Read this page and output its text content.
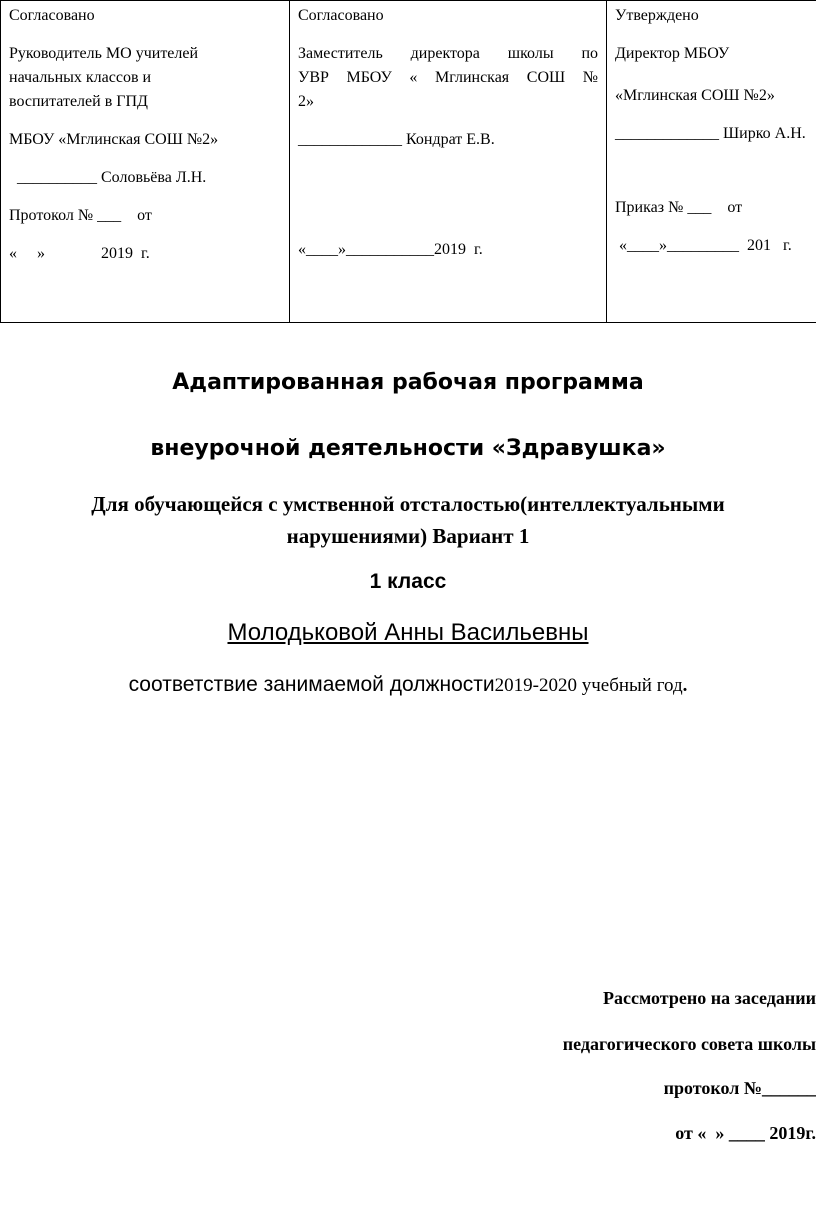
Согласовано
Руководитель МО учителей
начальных классов и
воспитателей в ГПД
МБОУ «Мглинская СОШ №2»
__________ Соловьёва Л.Н.
Протокол № ___    от
«     »              2019  г.

Согласовано
Заместитель директора школы по
УВР МБОУ « Мглинская СОШ №
2»
_____________ Кондрат Е.В.
«____»___________2019  г.

Утверждено
Директор МБОУ
«Мглинская СОШ №2»
_____________ Ширко А.Н.
Приказ № ___    от
«____»_________  201   г.
Адаптированная рабочая программа
внеурочной деятельности «Здравушка»
Для обучающейся с умственной отсталостью(интеллектуальными
нарушениями) Вариант 1
1 класс
Молодьковой Анны Васильевны
соответствие занимаемой должности2019-2020 учебный год.
Рассмотрено на заседании
педагогического совета школы
протокол №______
от «  » ____ 2019г.
